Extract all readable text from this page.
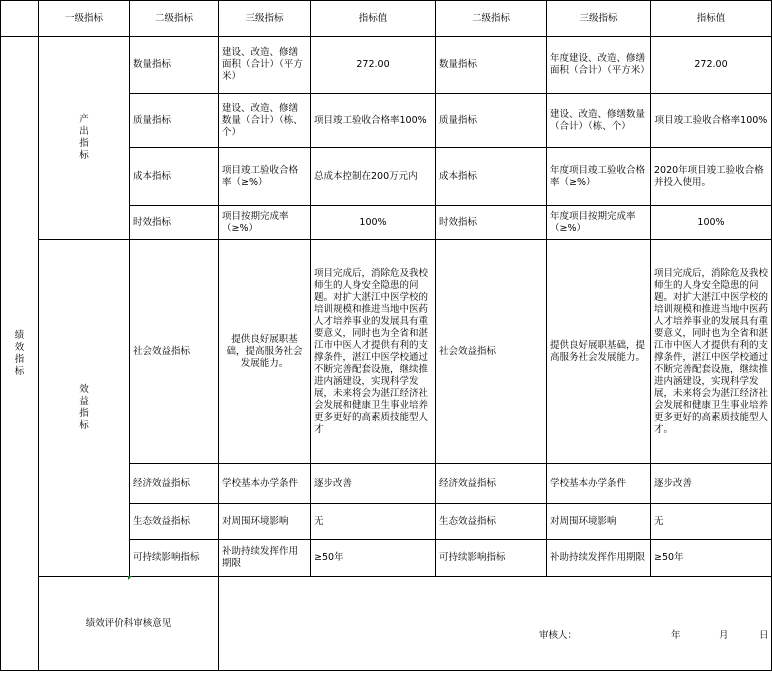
	一级指标	二级指标	三级指标	指标值	二级指标	三级指标	指标值
绩效指标	产出指标	数量指标	建设、改造、修缮面积（合计）（平方米）	272.00	数量指标	年度建设、改造、修缮面积（合计）（平方米）	272.00
		质量指标	建设、改造、修缮数量（合计）（栋、个）	项目竣工验收合格率100%	质量指标	建设、改造、修缮数量（合计）（栋、个）	项目竣工验收合格率100%
		成本指标	项目竣工验收合格率（≥%）	总成本控制在200万元内	成本指标	年度项目竣工验收合格率（≥%）	2020年项目竣工验收合格并投入使用。
		时效指标	项目按期完成率（≥%）	100%	时效指标	年度项目按期完成率（≥%）	100%
	效益指标	社会效益指标	提供良好展职基础，提高服务社会发展能力。	项目完成后，消除危及我校师生的人身安全隐患的问题。对扩大湛江中医学校的培训规模和推进当地中医药人才培养事业的发展具有重要意义，同时也为全省和湛江市中医人才提供有利的支撑条件，湛江中医学校通过不断完善配套设施，继续推进内涵建设，实现科学发展，未来将会为湛江经济社会发展和健康卫生事业培养更多更好的高素质技能型人才	社会效益指标	提供良好展职基础，提高服务社会发展能力。	项目完成后，消除危及我校师生的人身安全隐患的问题。对扩大湛江中医学校的培训规模和推进当地中医药人才培养事业的发展具有重要意义，同时也为全省和湛江市中医人才提供有利的支撑条件，湛江中医学校通过不断完善配套设施，继续推进内涵建设，实现科学发展，未来将会为湛江经济社会发展和健康卫生事业培养更多更好的高素质技能型人才。
		经济效益指标	学校基本办学条件	逐步改善	经济效益指标	学校基本办学条件	逐步改善
		生态效益指标	对周围环境影响	无	生态效益指标	对周围环境影响	无
		可持续影响指标	补助持续发挥作用期限	≥50年	可持续影响指标	补助持续发挥作用期限	≥50年
	绩效评价科审核意见		审核人： 年 月 日				
